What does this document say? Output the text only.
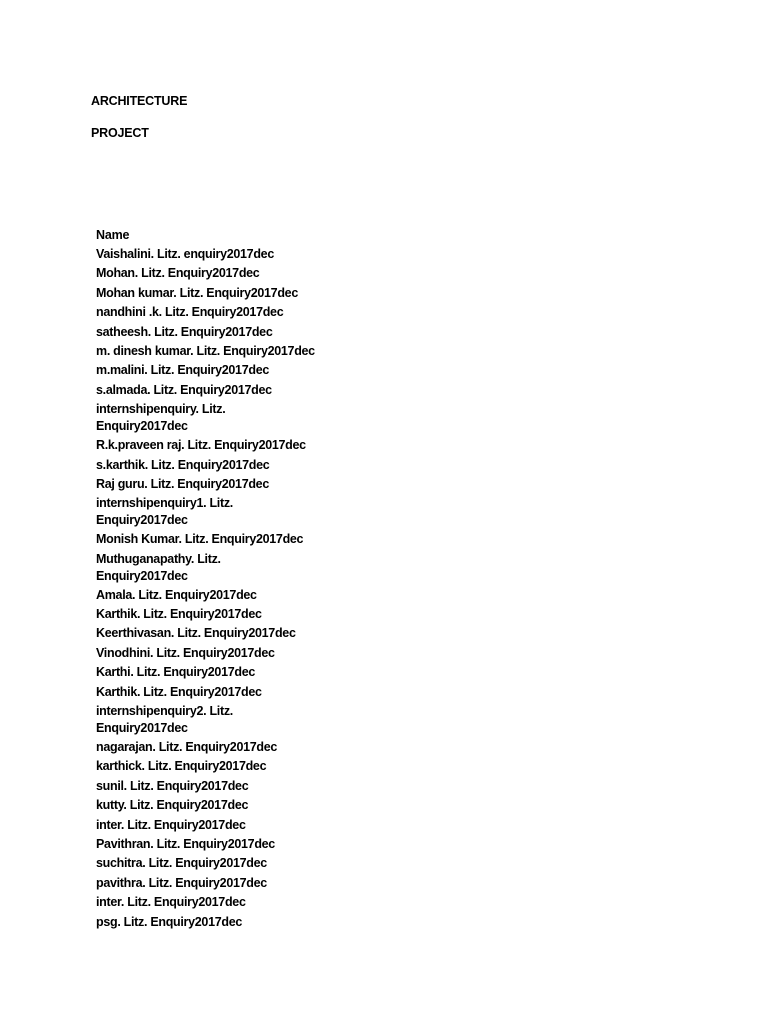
ARCHITECTURE

PROJECT

Name
Vaishalini. Litz. enquiry2017dec
Mohan. Litz. Enquiry2017dec
Mohan kumar. Litz. Enquiry2017dec
nandhini .k. Litz. Enquiry2017dec
satheesh. Litz. Enquiry2017dec
m. dinesh kumar. Litz. Enquiry2017dec
m.malini. Litz. Enquiry2017dec
s.almada. Litz. Enquiry2017dec
internshipenquiry. Litz. Enquiry2017dec
R.k.praveen raj. Litz. Enquiry2017dec
s.karthik. Litz. Enquiry2017dec
Raj guru. Litz. Enquiry2017dec
internshipenquiry1. Litz. Enquiry2017dec
Monish Kumar. Litz. Enquiry2017dec
Muthuganapathy. Litz. Enquiry2017dec
Amala. Litz. Enquiry2017dec
Karthik. Litz. Enquiry2017dec
Keerthivasan. Litz. Enquiry2017dec
Vinodhini. Litz. Enquiry2017dec
Karthi. Litz. Enquiry2017dec
Karthik. Litz. Enquiry2017dec
internshipenquiry2. Litz. Enquiry2017dec
nagarajan. Litz. Enquiry2017dec
karthick. Litz. Enquiry2017dec
sunil. Litz. Enquiry2017dec
kutty. Litz. Enquiry2017dec
inter. Litz. Enquiry2017dec
Pavithran. Litz. Enquiry2017dec
suchitra. Litz. Enquiry2017dec
pavithra. Litz. Enquiry2017dec
inter. Litz. Enquiry2017dec
psg. Litz. Enquiry2017dec
